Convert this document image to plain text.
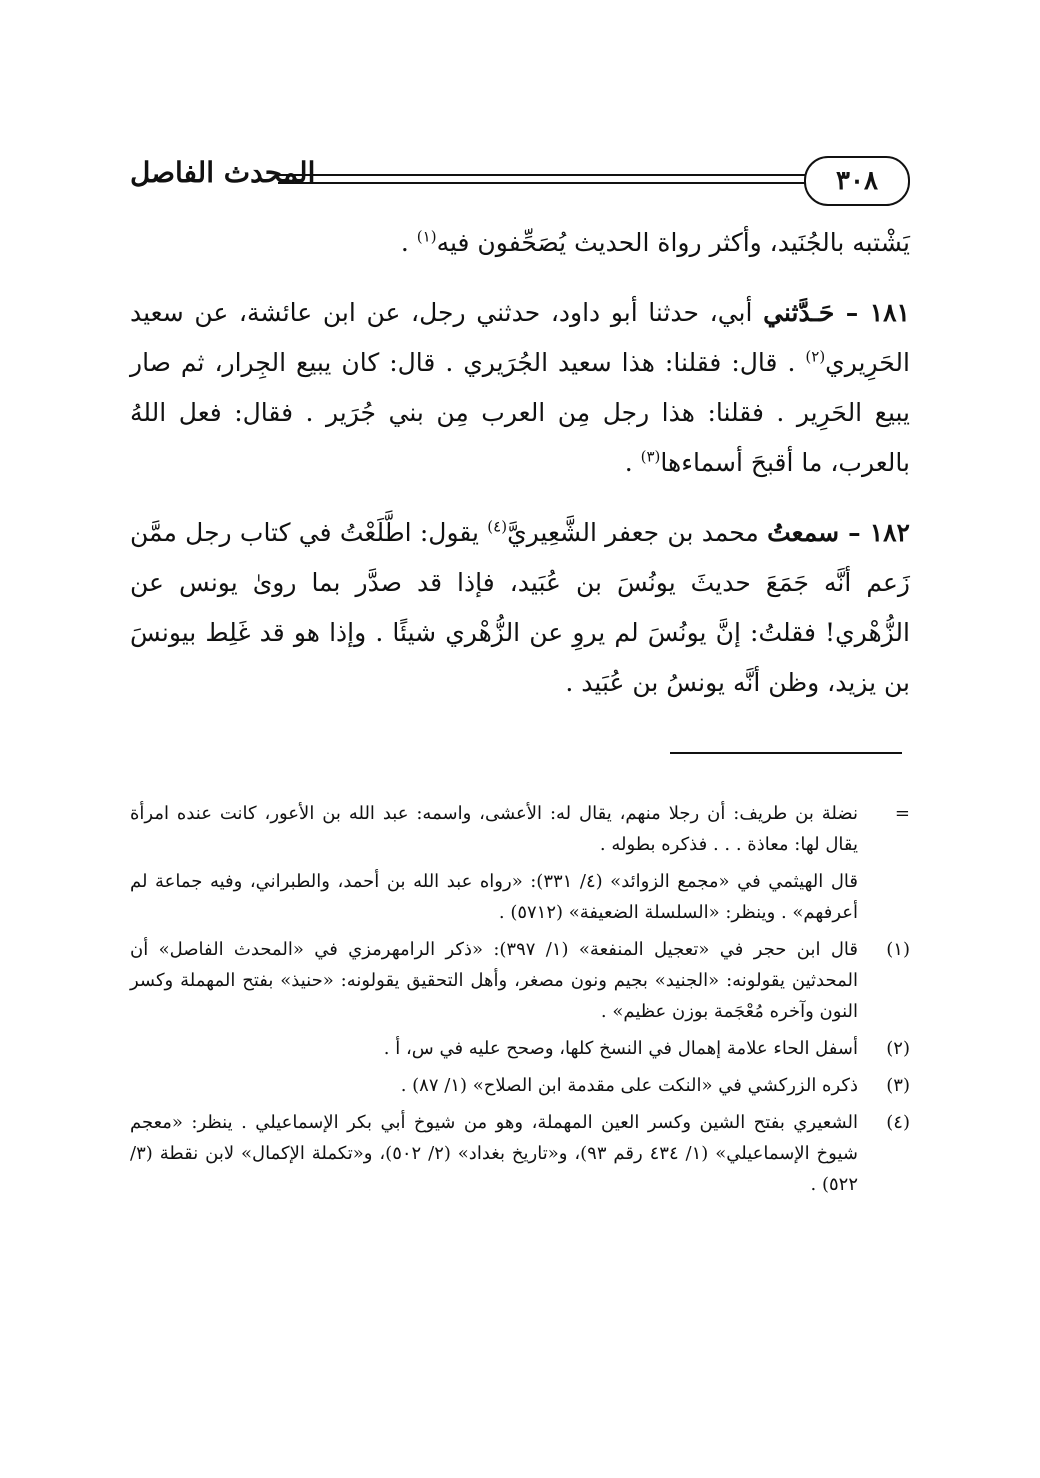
٣٠٨
المحدث الفاصل

يَشْتبه بالجُنَيد، وأكثر رواة الحديث يُصَحِّفون فيه$^{(١)}$ .

١٨١ – حَـدَّثني أبي، حدثنا أبو داود، حدثني رجل، عن ابن عائشة، عن سعيد الحَرِيري$^{(٢)}$ . قال: فقلنا: هذا سعيد الجُرَيري . قال: كان يبيع الجِرار، ثم صار يبيع الحَرِير . فقلنا: هذا رجل مِن العرب مِن بني جُرَير . فقال: فعل اللهُ بالعرب، ما أقبحَ أسماءها$^{(٣)}$ .

١٨٢ – سمعتُ محمد بن جعفر الشَّعِيريَّ$^{(٤)}$ يقول: اطَّلَعْتُ في كتاب رجل ممَّن زَعم أنَّه جَمَعَ حديثَ يونُسَ بن عُبَيد، فإذا قد صدَّر بما روىٰ يونس عن الزُّهْري! فقلتُ: إنَّ يونُسَ لم يروِ عن الزُّهْري شيئًا . وإذا هو قد غَلِط بيونسَ بن يزيد، وظن أنَّه يونسُ بن عُبَيد .

=
نضلة بن طريف: أن رجلا منهم، يقال له: الأعشى، واسمه: عبد الله بن الأعور، كانت عنده امرأة يقال لها: معاذة . . . فذكره بطوله .
قال الهيثمي في «مجمع الزوائد» (٤/ ٣٣١): «رواه عبد الله بن أحمد، والطبراني، وفيه جماعة لم أعرفهم» . وينظر: «السلسلة الضعيفة» (٥٧١٢) .
(١)
قال ابن حجر في «تعجيل المنفعة» (١/ ٣٩٧): «ذكر الرامهرمزي في «المحدث الفاصل» أن المحدثين يقولونه: «الجنيد» بجيم ونون مصغر، وأهل التحقيق يقولونه: «حنيذ» بفتح المهملة وكسر النون وآخره مُعْجَمة بوزن عظيم» .
(٢)
أسفل الحاء علامة إهمال في النسخ كلها، وصحح عليه في س، أ .
(٣)
ذكره الزركشي في «النكت على مقدمة ابن الصلاح» (١/ ٨٧) .
(٤)
الشعيري بفتح الشين وكسر العين المهملة، وهو من شيوخ أبي بكر الإسماعيلي . ينظر: «معجم شيوخ الإسماعيلي» (١/ ٤٣٤ رقم ٩٣)، و«تاريخ بغداد» (٢/ ٥٠٢)، و«تكملة الإكمال» لابن نقطة (٣/ ٥٢٢) .
